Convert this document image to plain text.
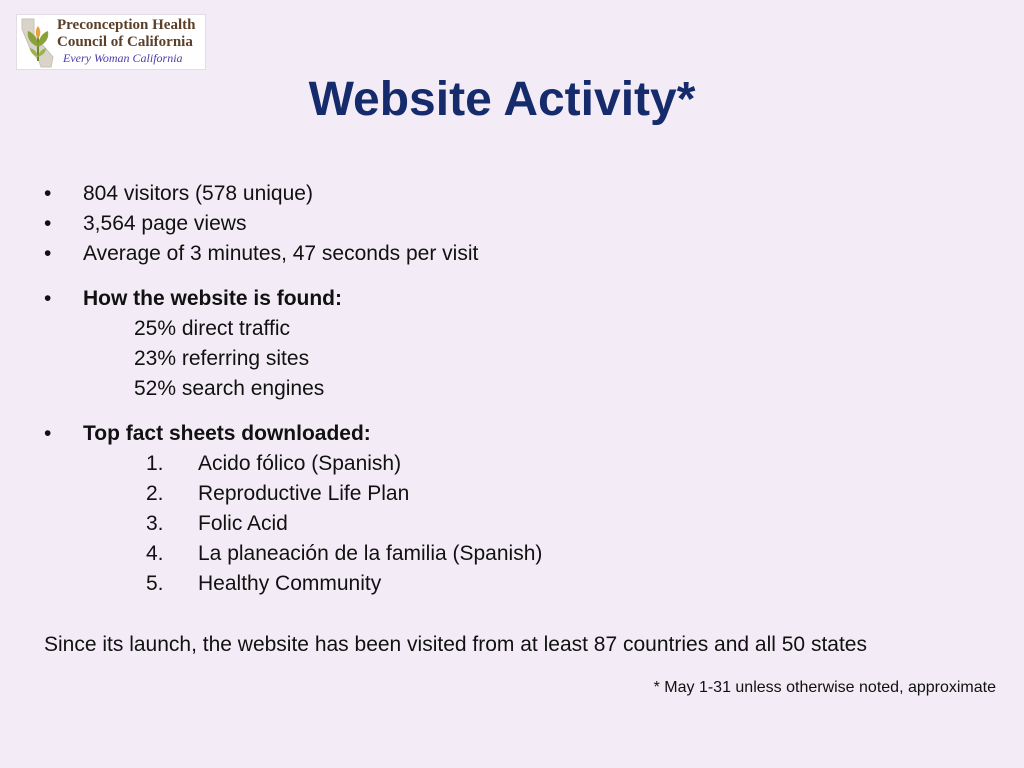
Preconception Health
Council of California
Every Woman California
Website Activity*
• 804 visitors (578 unique)
• 3,564 page views
• Average of 3 minutes, 47 seconds per visit
• How the website is found:
25% direct traffic
23% referring sites
52% search engines
• Top fact sheets downloaded:
1. Acido fólico (Spanish)
2. Reproductive Life Plan
3. Folic Acid
4. La planeación de la familia (Spanish)
5. Healthy Community
Since its launch, the website has been visited from at least 87 countries and all 50 states
* May 1-31 unless otherwise noted, approximate
